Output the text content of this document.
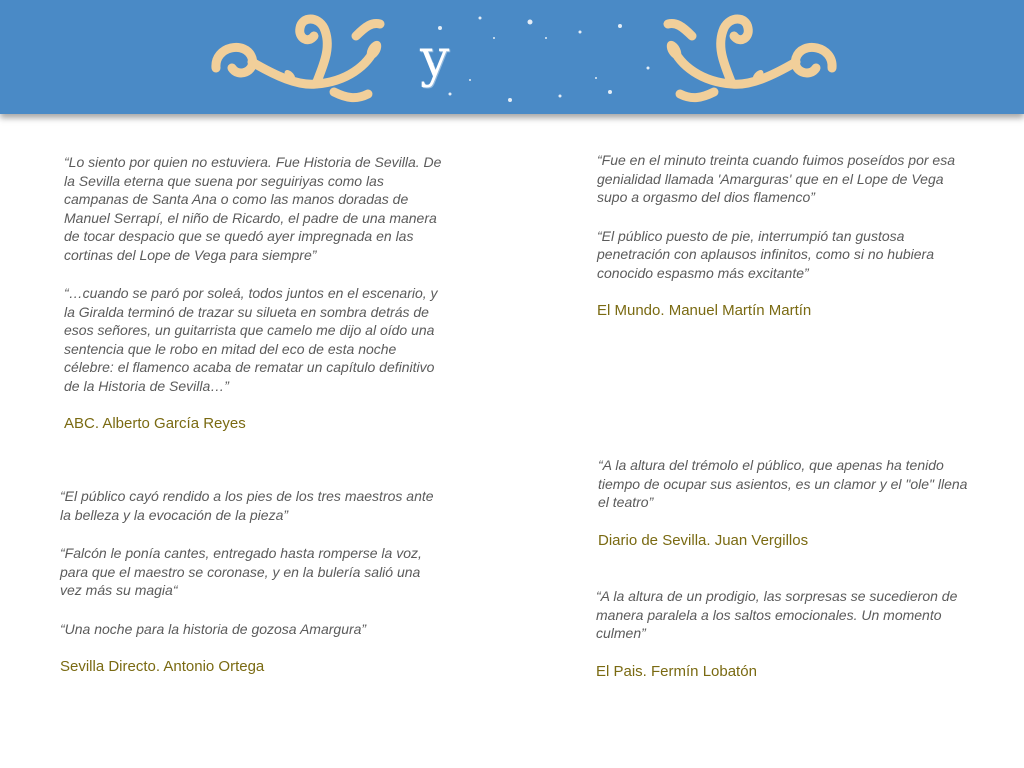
y Sevilla...

“Lo siento por quien no estuviera. Fue Historia de Sevilla. De la Sevilla eterna que suena por seguiriyas como las campanas de Santa Ana o como las manos doradas de Manuel Serrapí, el niño de Ricardo, el padre de una manera de tocar despacio que se quedó ayer impregnada en las cortinas del Lope de Vega para siempre”

“…cuando se paró por soleá, todos juntos en el escenario, y la Giralda terminó de trazar su silueta en sombra detrás de esos señores, un guitarrista que camelo me dijo al oído una sentencia que le robo en mitad del eco de esta noche célebre: el flamenco acaba de rematar un capítulo definitivo de la Historia de Sevilla…”

ABC. Alberto García Reyes

“Fue en el minuto treinta cuando fuimos poseídos por esa genialidad llamada 'Amarguras' que en el Lope de Vega supo a orgasmo del dios flamenco”

“El público puesto de pie, interrumpió tan gustosa penetración con aplausos infinitos, como si no hubiera conocido espasmo más excitante”

El Mundo. Manuel Martín Martín

“El público cayó rendido a los pies de los tres maestros ante la belleza y la evocación de la pieza”

“Falcón le ponía cantes, entregado hasta romperse la voz, para que el maestro se coronase, y en la bulería salió una vez más su magia“

“Una noche para la historia de gozosa Amargura”

Sevilla Directo. Antonio Ortega

“A la altura del trémolo el público, que apenas ha tenido tiempo de ocupar sus asientos, es un clamor y el "ole" llena el teatro”

Diario de Sevilla. Juan Vergillos

“A la altura de un prodigio, las sorpresas se sucedieron de manera paralela a los saltos emocionales. Un momento culmen”

El Pais. Fermín Lobatón
